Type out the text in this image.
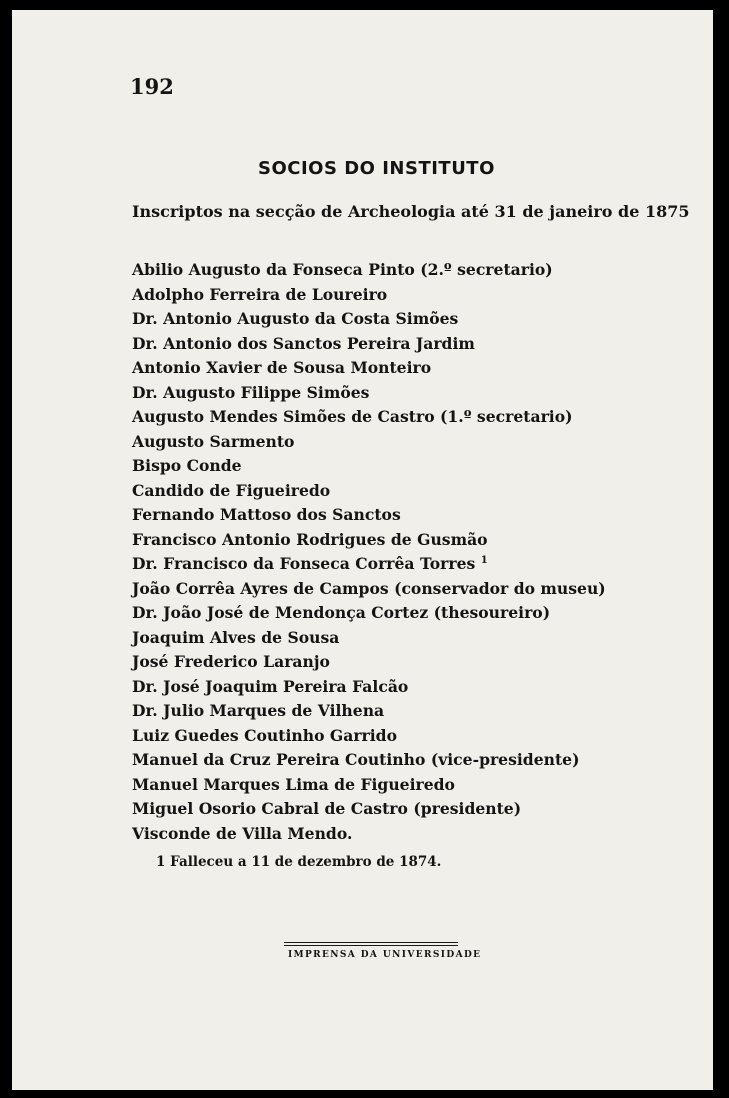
192

SOCIOS DO INSTITUTO

Inscriptos na secção de Archeologia até 31 de janeiro de 1875

Abilio Augusto da Fonseca Pinto (2.º secretario)
Adolpho Ferreira de Loureiro
Dr. Antonio Augusto da Costa Simões
Dr. Antonio dos Sanctos Pereira Jardim
Antonio Xavier de Sousa Monteiro
Dr. Augusto Filippe Simões
Augusto Mendes Simões de Castro (1.º secretario)
Augusto Sarmento
Bispo Conde
Candido de Figueiredo
Fernando Mattoso dos Sanctos
Francisco Antonio Rodrigues de Gusmão
Dr. Francisco da Fonseca Corrêa Torres $^1$
João Corrêa Ayres de Campos (conservador do museu)
Dr. João José de Mendonça Cortez (thesoureiro)
Joaquim Alves de Sousa
José Frederico Laranjo
Dr. José Joaquim Pereira Falcão
Dr. Julio Marques de Vilhena
Luiz Guedes Coutinho Garrido
Manuel da Cruz Pereira Coutinho (vice-presidente)
Manuel Marques Lima de Figueiredo
Miguel Osorio Cabral de Castro (presidente)
Visconde de Villa Mendo.

1 Falleceu a 11 de dezembro de 1874.

IMPRENSA DA UNIVERSIDADE
